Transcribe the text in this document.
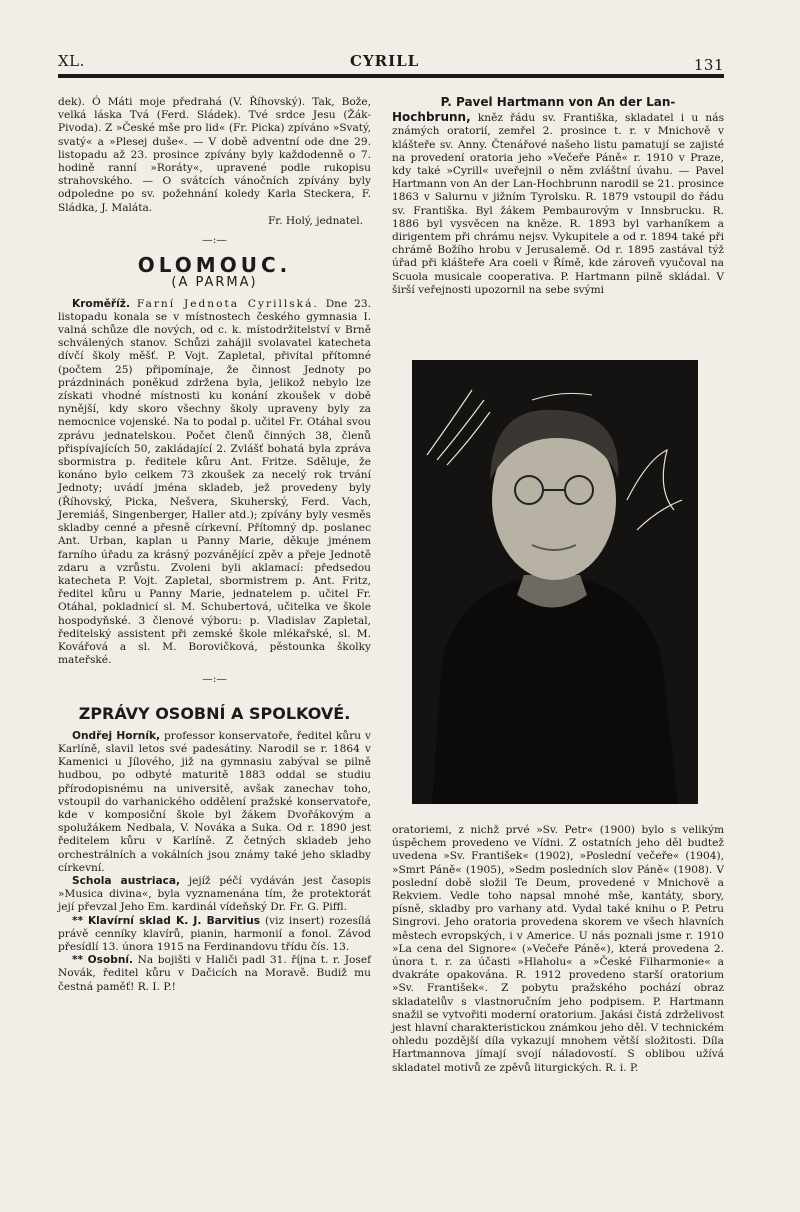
XL.	CYRILL	131

dek). Ó Máti moje předrahá (V. Říhovský). Tak, Bože, velká láska Tvá (Ferd. Sládek). Tvé srdce Jesu (Žák-Pivoda). Z »České mše pro lid« (Fr. Picka) zpíváno »Svatý, svatý« a »Plesej duše«. — V době adventní ode dne 29. listopadu až 23. prosince zpívány byly každodenně o 7. hodině ranní »Roráty«, upravené podle rukopisu strahovského. — O svátcích vánočních zpívány byly odpoledne po sv. požehnání koledy Karla Steckera, F. Sládka, J. Maláta.

Fr. Holý, jednatel.

—:—

OLOMOUC.
(A PARMA)

Kroměříž. Farní Jednota Cyrillská. Dne 23. listopadu konala se v místnostech českého gymnasia I. valná schůze dle nových, od c. k. místodržitelství v Brně schválených stanov. Schůzi zahájil svolavatel katecheta dívčí školy měšť. P. Vojt. Zapletal, přivítal přítomné (počtem 25) připomínaje, že činnost Jednoty po prázdninách poněkud zdržena byla, jelikož nebylo lze získati vhodné místnosti ku konání zkoušek v době nynější, kdy skoro všechny školy upraveny byly za nemocnice vojenské. Na to podal p. učitel Fr. Otáhal svou zprávu jednatelskou. Počet členů činných 38, členů přispívajících 50, zakládající 2. Zvlášť bohatá byla zpráva sbormistra p. ředitele kůru Ant. Fritze. Sděluje, že konáno bylo celkem 73 zkoušek za necelý rok trvání Jednoty; uvádí jména skladeb, jež provedeny byly (Říhovský, Picka, Nešvera, Skuherský, Ferd. Vach, Jeremiáš, Singenberger, Haller atd.); zpívány byly vesměs skladby cenné a přesně církevní. Přítomný dp. poslanec Ant. Urban, kaplan u Panny Marie, děkuje jménem farního úřadu za krásný pozvánějící zpěv a přeje Jednotě zdaru a vzrůstu. Zvoleni byli aklamací: předsedou katecheta P. Vojt. Zapletal, sbormistrem p. Ant. Fritz, ředitel kůru u Panny Marie, jednatelem p. učitel Fr. Otáhal, pokladnicí sl. M. Schubertová, učitelka ve škole hospodyňské. 3 členové výboru: p. Vladislav Zapletal, ředitelský assistent při zemské škole mlékařské, sl. M. Kovářová a sl. M. Borovičková, pěstounka školky mateřské.

—:—

ZPRÁVY OSOBNÍ A SPOLKOVÉ.

Ondřej Horník, professor konservatoře, ředitel kůru v Karlíně, slavil letos své padesátiny. Narodil se r. 1864 v Kamenici u Jílového, již na gymnasiu zabýval se pilně hudbou, po odbyté maturitě 1883 oddal se studiu přírodopisnému na universitě, avšak zanechav toho, vstoupil do varhanického oddělení pražské konservatoře, kde v komposiční škole byl žákem Dvořákovým a spolužákem Nedbala, V. Nováka a Suka. Od r. 1890 jest ředitelem kůru v Karlíně. Z četných skladeb jeho orchestrálních a vokálních jsou známy také jeho skladby církevní.

Schola austriaca, jejíž péčí vydáván jest časopis »Musica divina«, byla vyznamenána tím, že protektorát její převzal Jeho Em. kardinál vídeňský Dr. Fr. G. Piffl.

** Klavírní sklad K. J. Barvitius (viz insert) rozesílá právě cenníky klavírů, pianin, harmonií a fonol. Závod přesídlí 13. února 1915 na Ferdinandovu třídu čís. 13.

** Osobní. Na bojišti v Haliči padl 31. října t. r. Josef Novák, ředitel kůru v Dačicích na Moravě. Budiž mu čestná paměť! R. I. P.!

P. Pavel Hartmann von An der Lan-

Hochbrunn, kněz řádu sv. Františka, skladatel i u nás známých oratorií, zemřel 2. prosince t. r. v Mnichově v klášteře sv. Anny. Čtenářové našeho listu pamatují se zajisté na provedení oratoria jeho »Večeře Páně« r. 1910 v Praze, kdy také »Cyrill« uveřejnil o něm zvláštní úvahu. — Pavel Hartmann von An der Lan-Hochbrunn narodil se 21. prosince 1863 v Salurnu v jižním Tyrolsku. R. 1879 vstoupil do řádu sv. Františka. Byl žákem Pembaurovým v Innsbrucku. R. 1886 byl vysvěcen na kněze. R. 1893 byl varhaníkem a dirigentem při chrámu nejsv. Vykupitele a od r. 1894 také při chrámě Božího hrobu v Jerusalemě. Od r. 1895 zastával týž úřad při klášteře Ara coeli v Římě, kde zároveň vyučoval na Scuola musicale cooperativa. P. Hartmann pilně skládal. V širší veřejnosti upozornil na sebe svými

oratoriemi, z nichž prvé »Sv. Petr« (1900) bylo s velikým úspěchem provedeno ve Vídni. Z ostatních jeho děl budtež uvedena »Sv. František« (1902), »Poslední večeře« (1904), »Smrt Páně« (1905), »Sedm posledních slov Páně« (1908). V poslední době složil Te Deum, provedené v Mnichově a Rekviem. Vedle toho napsal mnohé mše, kantáty, sbory, písně, skladby pro varhany atd. Vydal také knihu o P. Petru Singrovi. Jeho oratoria provedena skorem ve všech hlavních městech evropských, i v Americe. U nás poznali jsme r. 1910 »La cena del Signore« (»Večeře Páně«), která provedena 2. února t. r. za účasti »Hlaholu« a »České Filharmonie« a dvakráte opakována. R. 1912 provedeno starší oratorium »Sv. František«. Z pobytu pražského pochází obraz skladatelův s vlastnoručním jeho podpisem. P. Hartmann snažil se vytvořiti moderní oratorium. Jakási čistá zdrželivost jest hlavní charakteristickou známkou jeho děl. V technickém ohledu pozdější díla vykazují mnohem větší složitosti. Díla Hartmannova jímají svojí náladovostí. S oblibou užívá skladatel motivů ze zpěvů liturgických. R. i. P.
